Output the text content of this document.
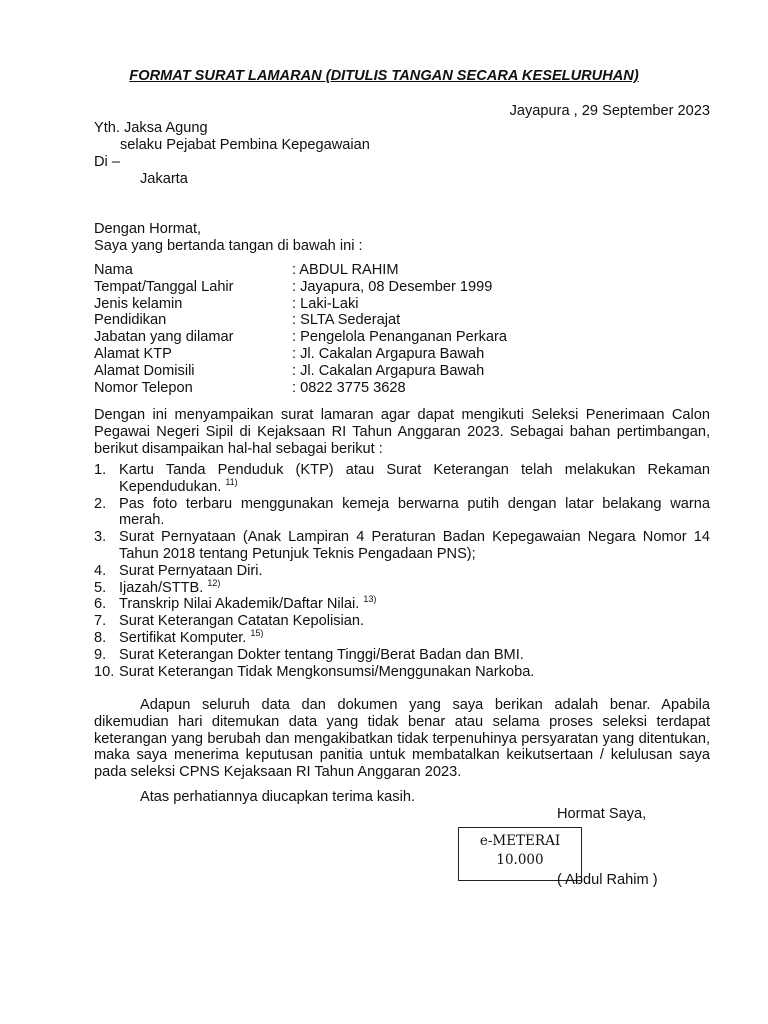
FORMAT SURAT LAMARAN (DITULIS TANGAN SECARA KESELURUHAN)
Jayapura , 29 September 2023
Yth. Jaksa Agung
selaku Pejabat Pembina Kepegawaian
Di –
Jakarta
Dengan Hormat,
Saya yang bertanda tangan di bawah ini :
Nama		: ABDUL RAHIM
Tempat/Tanggal Lahir		: Jayapura, 08 Desember 1999
Jenis kelamin		: Laki-Laki
Pendidikan		: SLTA Sederajat
Jabatan yang dilamar		: Pengelola Penanganan Perkara
Alamat KTP		: Jl. Cakalan Argapura Bawah
Alamat Domisili		: Jl. Cakalan Argapura Bawah
Nomor Telepon		: 0822 3775 3628
Dengan ini menyampaikan surat lamaran agar dapat mengikuti Seleksi Penerimaan Calon Pegawai Negeri Sipil di Kejaksaan RI Tahun Anggaran 2023. Sebagai bahan pertimbangan, berikut disampaikan hal-hal sebagai berikut :
1. Kartu Tanda Penduduk (KTP) atau Surat Keterangan telah melakukan Rekaman Kependudukan. $^{11)}$
2. Pas foto terbaru menggunakan kemeja berwarna putih dengan latar belakang warna merah.
3. Surat Pernyataan (Anak Lampiran 4 Peraturan Badan Kepegawaian Negara Nomor 14 Tahun 2018 tentang Petunjuk Teknis Pengadaan PNS);
4. Surat Pernyataan Diri.
5. Ijazah/STTB. $^{12)}$
6. Transkrip Nilai Akademik/Daftar Nilai. $^{13)}$
7. Surat Keterangan Catatan Kepolisian.
8. Sertifikat Komputer. $^{15)}$
9. Surat Keterangan Dokter tentang Tinggi/Berat Badan dan BMI.
10. Surat Keterangan Tidak Mengkonsumsi/Menggunakan Narkoba.
Adapun seluruh data dan dokumen yang saya berikan adalah benar. Apabila dikemudian hari ditemukan data yang tidak benar atau selama proses seleksi terdapat keterangan yang berubah dan mengakibatkan tidak terpenuhinya persyaratan yang ditentukan, maka saya menerima keputusan panitia untuk membatalkan keikutsertaan / kelulusan saya pada seleksi CPNS Kejaksaan RI Tahun Anggaran 2023.
Atas perhatiannya diucapkan terima kasih.
Hormat Saya,
e-METERAI
10.000
( Abdul Rahim )
